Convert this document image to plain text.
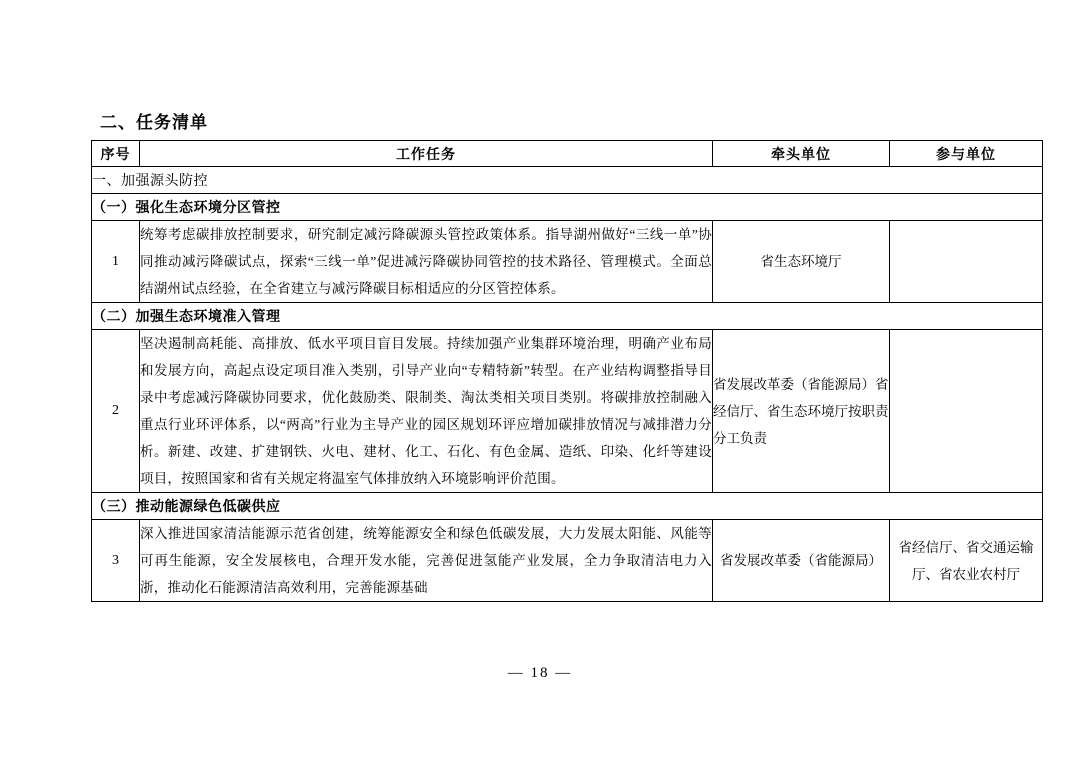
二、任务清单
序号	工作任务	牵头单位	参与单位
一、加强源头防控			
（一）强化生态环境分区管控			
1	统筹考虑碳排放控制要求，研究制定减污降碳源头管控政策体系。指导湖州做好“三线一单”协同推动减污降碳试点，探索“三线一单”促进减污降碳协同管控的技术路径、管理模式。全面总结湖州试点经验，在全省建立与减污降碳目标相适应的分区管控体系。	省生态环境厅	
（二）加强生态环境准入管理			
2	坚决遏制高耗能、高排放、低水平项目盲目发展。持续加强产业集群环境治理，明确产业布局和发展方向，高起点设定项目准入类别，引导产业向“专精特新”转型。在产业结构调整指导目录中考虑减污降碳协同要求，优化鼓励类、限制类、淘汰类相关项目类别。将碳排放控制融入重点行业环评体系，以“两高”行业为主导产业的园区规划环评应增加碳排放情况与减排潜力分析。新建、改建、扩建钢铁、火电、建材、化工、石化、有色金属、造纸、印染、化纤等建设项目，按照国家和省有关规定将温室气体排放纳入环境影响评价范围。	省发展改革委（省能源局）省经信厅、省生态环境厅按职责分工负责	
（三）推动能源绿色低碳供应			
3	深入推进国家清洁能源示范省创建，统筹能源安全和绿色低碳发展，大力发展太阳能、风能等可再生能源，安全发展核电，合理开发水能，完善促进氢能产业发展，全力争取清洁电力入浙，推动化石能源清洁高效利用，完善能源基础	省发展改革委（省能源局）	省经信厅、省交通运输厅、省农业农村厅
— 18 —
